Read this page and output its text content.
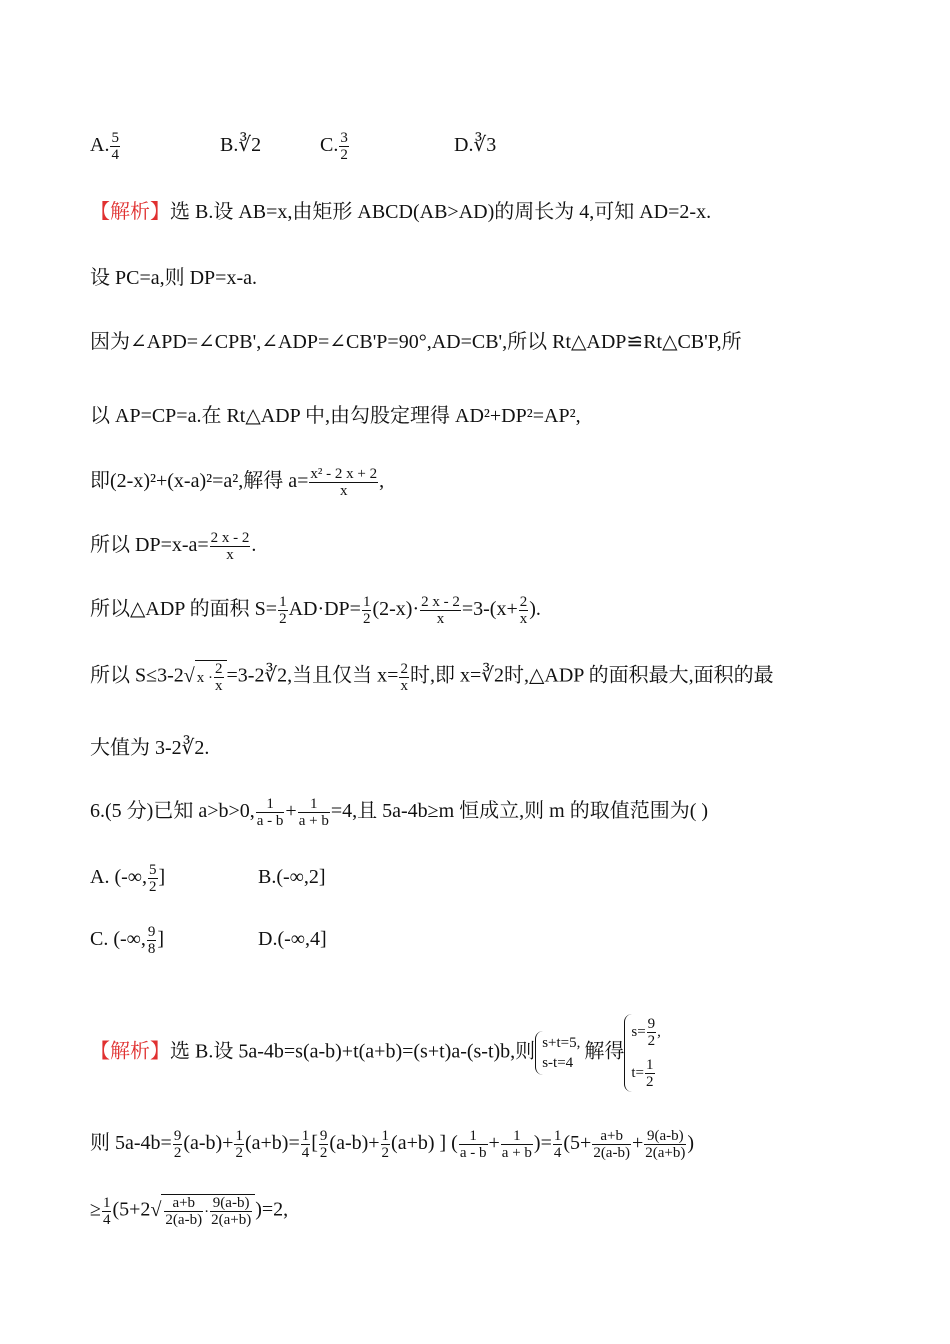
A. $\frac{5}{4}$	B.∛2	C. $\frac{3}{2}$	D.∛3
【解析】选 B.设 AB=x,由矩形 ABCD(AB>AD)的周长为 4,可知 AD=2-x.
设 PC=a,则 DP=x-a.
因为∠APD=∠CPB',∠ADP=∠CB'P=90°,AD=CB',所以 Rt△ADP≌Rt△CB'P,所
以 AP=CP=a.在 Rt△ADP 中,由勾股定理得 AD²+DP²=AP²,
即(2-x)²+(x-a)²=a²,解得 $a= \frac{\text{x² - 2 x + 2}}{x}$ ,
所以 $DP=x-a= \frac{2 x - 2}{x}$ .
所以△ADP 的面积 $S= \frac{1}{2} AD\cdot DP= \frac{1}{2} (2-x)\cdot \frac{2 x - 2}{x} =3-(x+ \frac{2}{x}$ ).
所以 S≤3-2√ $x \cdot \frac{2}{x}$ =3-2∛2,当且仅当 $x= \frac{2}{x}$ 时,即 x=∛2时,△ADP 的面积最大,面积的最
大值为 3-2∛2.
6.(5 分)已知 a>b>0, $\frac{1}{a - b} + \frac{1}{a + b} =4$,且 5a-4b≥m 恒成立,则 m 的取值范围为( )
A. (-∞, $\frac{5}{2}$ ]	B.(-∞,2]
C. (-∞, $\frac{9}{8}$ ]	D.(-∞,4]
【解析】选 B.设 5a-4b=s(a-b)+t(a+b)=(s+t)a-(s-t)b,则 s+t=5,
s-t=4
解得
$s= \frac{9}{2}$ ,
$t= \frac{1}{2}$
则 $5a-4b= \frac{9}{2} (a-b)+ \frac{1}{2} (a+b)= \frac{1}{4}$ [ $\frac{9}{2} (a-b)+ \frac{1}{2} (a+b)$ ] ( $\frac{1}{a - b} + \frac{1}{a + b}$ )= $\frac{1}{4} (5+ \frac{a+b}{2(a-b)} + \frac{9(a-b)}{2(a+b)}$ )
≥ $\frac{1}{4} (5+2√ \frac{a+b}{2(a-b)} \cdot \frac{9(a-b)}{2(a+b)} )=2$,
